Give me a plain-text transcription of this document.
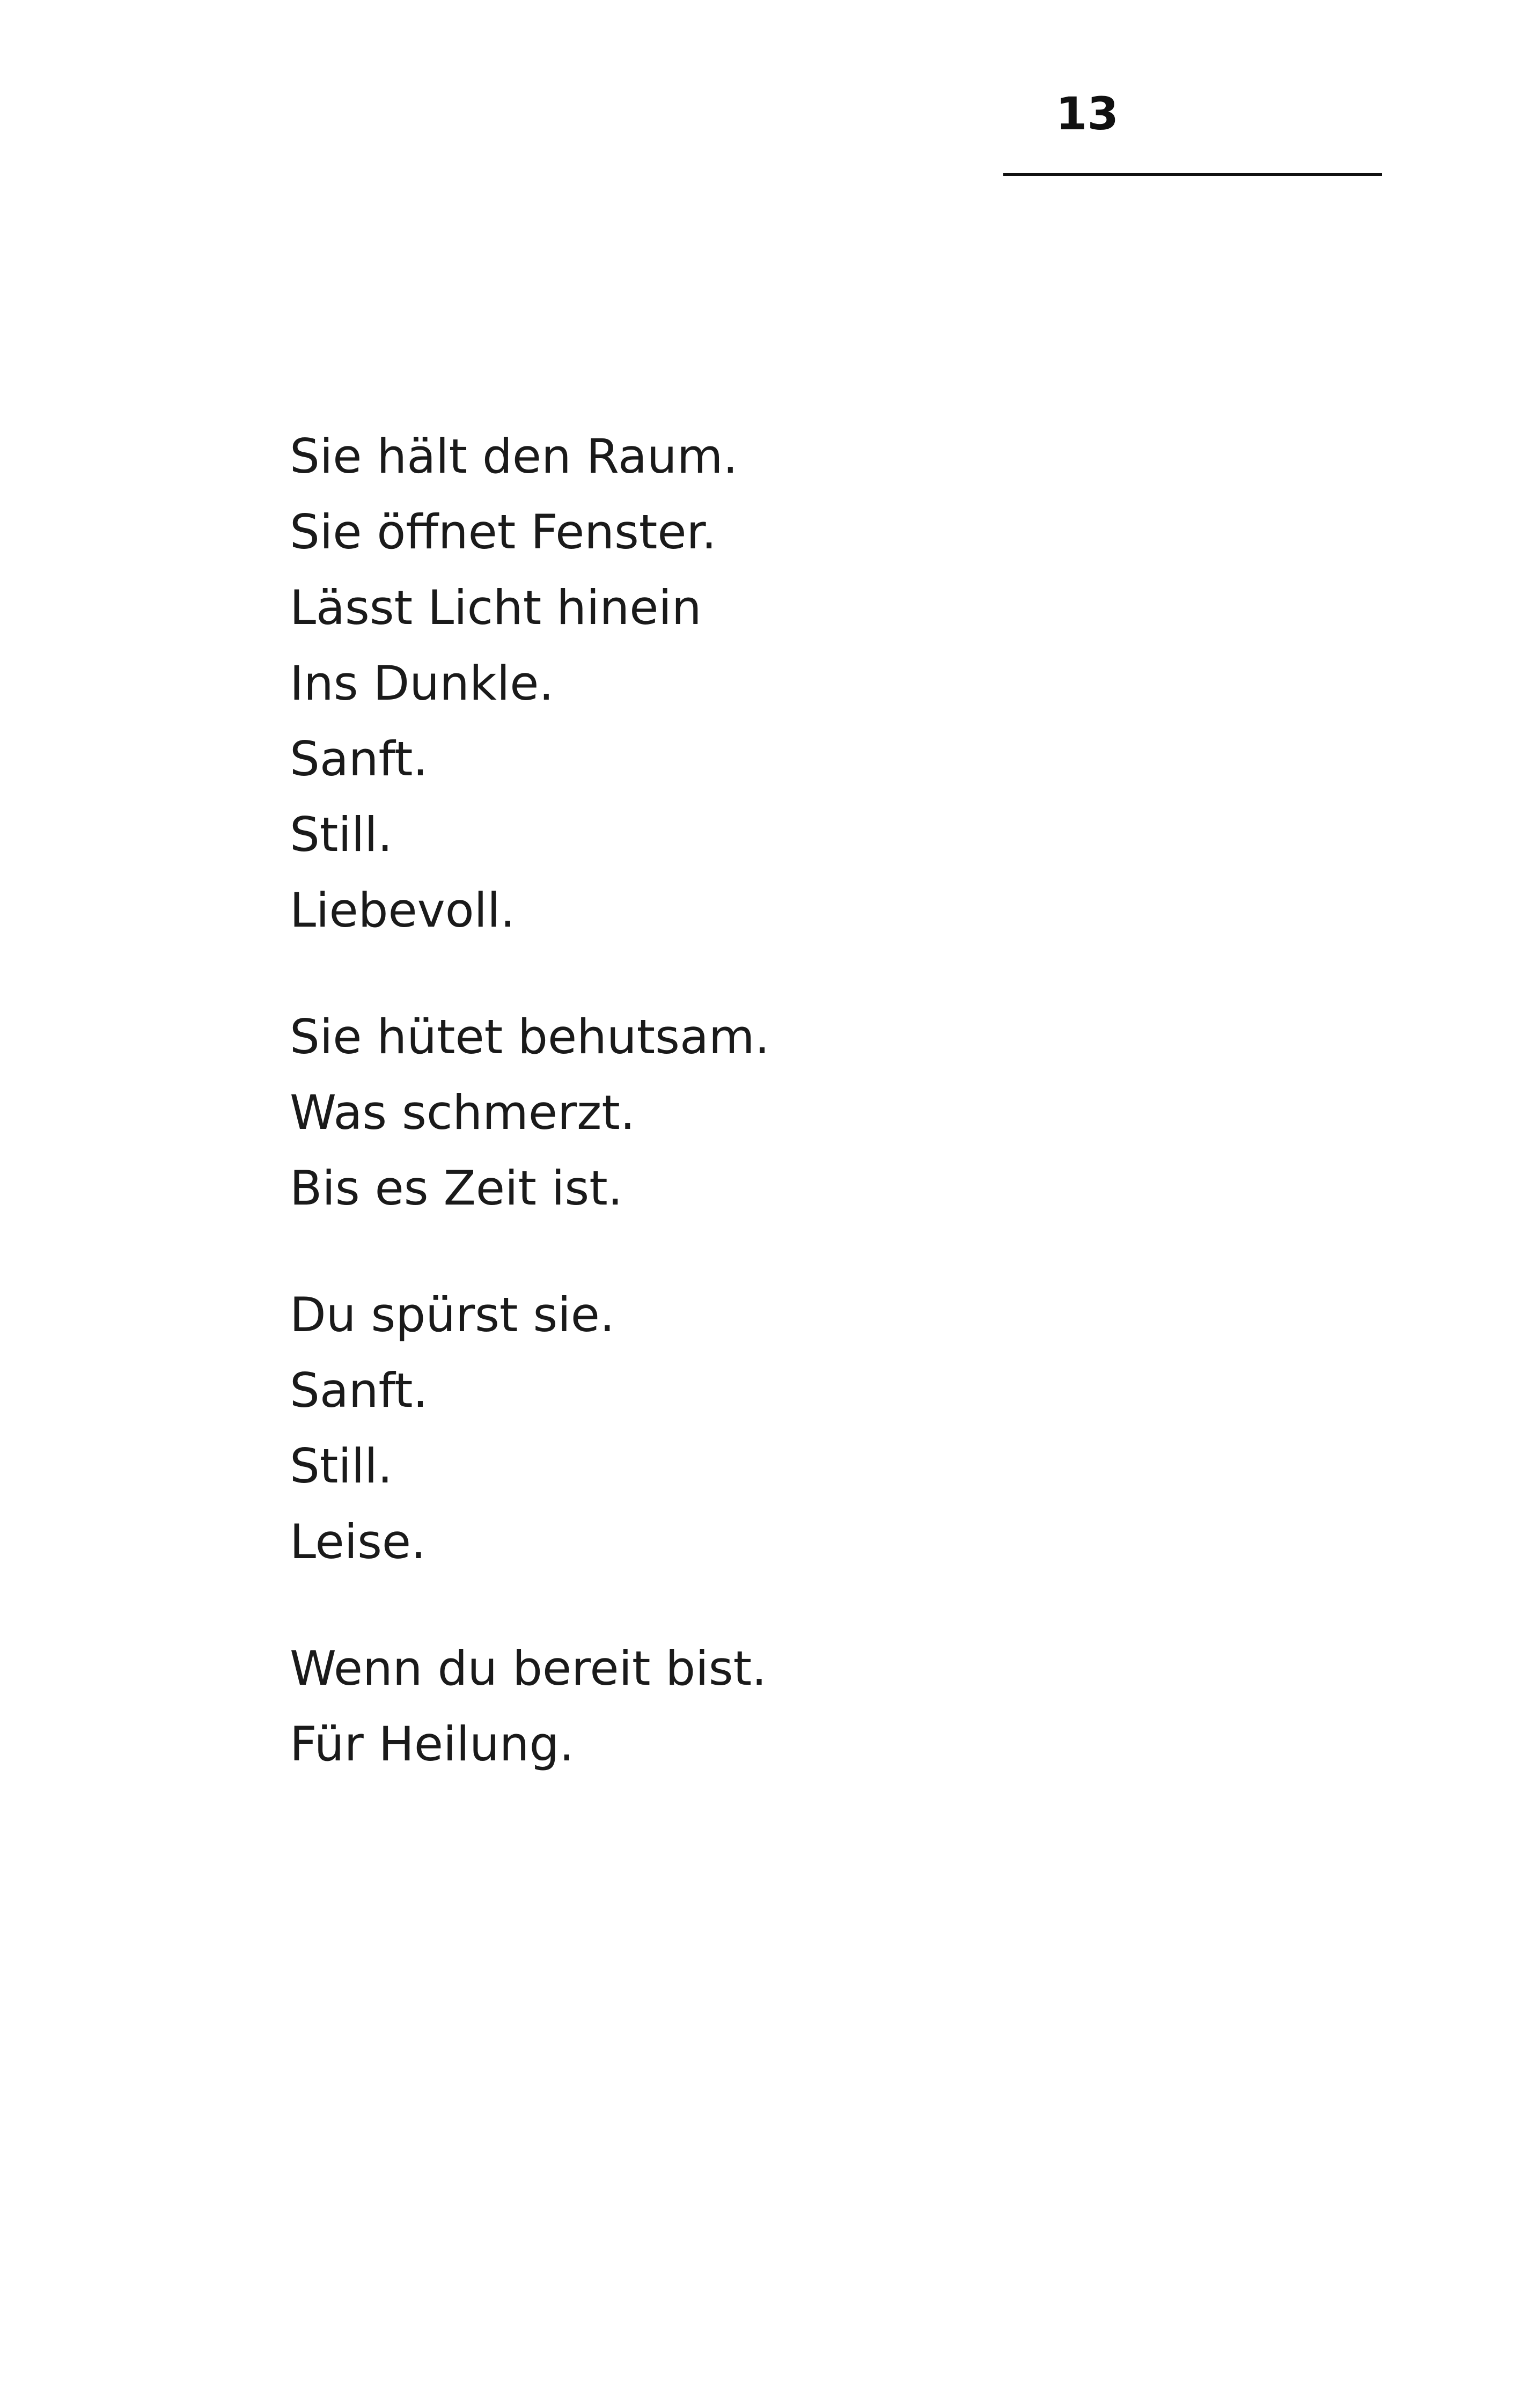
13
Sie hält den Raum.
Sie öffnet Fenster.
Lässt Licht hinein
Ins Dunkle.
Sanft.
Still.
Liebevoll.
Sie hütet behutsam.
Was schmerzt.
Bis es Zeit ist.
Du spürst sie.
Sanft.
Still.
Leise.
Wenn du bereit bist.
Für Heilung.
